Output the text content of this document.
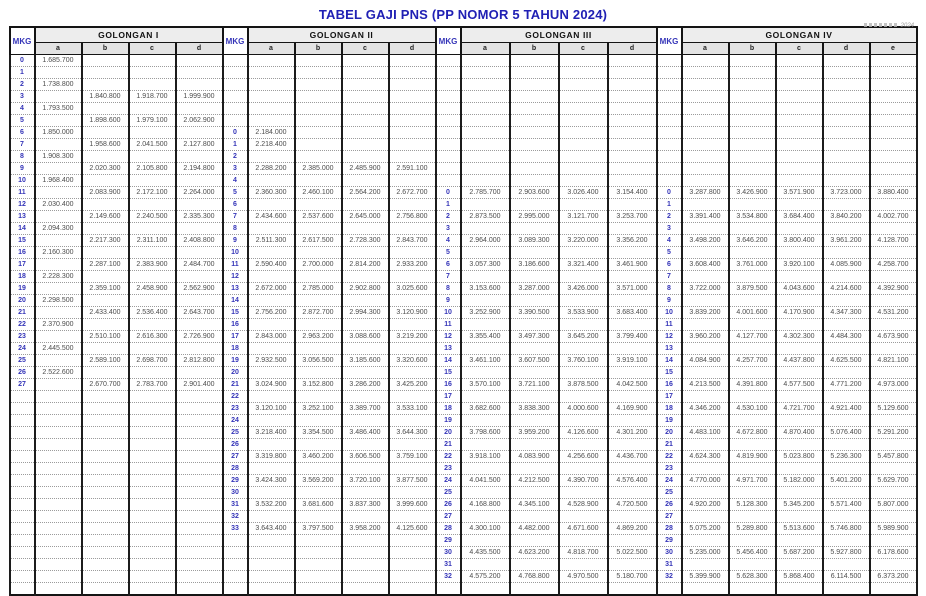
TABEL GAJI PNS (PP NOMOR 5 TAHUN 2024)
2024
MKG	GOLONGAN I				MKG	GOLONGAN II				MKG	GOLONGAN III				MKG	GOLONGAN IV				
	a	b	c	d		a	b	c	d		a	b	c	d		a	b	c	d	e
0	1.685.700																			
1																				
2	1.738.800																			
3		1.840.800	1.918.700	1.999.900																
4	1.793.500																			
5		1.898.600	1.979.100	2.062.900																
6	1.850.000				0	2.184.000														
7		1.958.600	2.041.500	2.127.800	1	2.218.400														
8	1.908.300				2															
9		2.020.300	2.105.800	2.194.800	3	2.288.200	2.385.000	2.485.900	2.591.100											
10	1.968.400				4															
11		2.083.900	2.172.100	2.264.000	5	2.360.300	2.460.100	2.564.200	2.672.700	0	2.785.700	2.903.600	3.026.400	3.154.400	0	3.287.800	3.426.900	3.571.900	3.723.000	3.880.400
12	2.030.400				6					1					1					
13		2.149.600	2.240.500	2.335.300	7	2.434.600	2.537.600	2.645.000	2.756.800	2	2.873.500	2.995.000	3.121.700	3.253.700	2	3.391.400	3.534.800	3.684.400	3.840.200	4.002.700
14	2.094.300				8					3					3					
15		2.217.300	2.311.100	2.408.800	9	2.511.300	2.617.500	2.728.300	2.843.700	4	2.964.000	3.089.300	3.220.000	3.356.200	4	3.498.200	3.646.200	3.800.400	3.961.200	4.128.700
16	2.160.300				10					5					5					
17		2.287.100	2.383.900	2.484.700	11	2.590.400	2.700.000	2.814.200	2.933.200	6	3.057.300	3.186.600	3.321.400	3.461.900	6	3.608.400	3.761.000	3.920.100	4.085.900	4.258.700
18	2.228.300				12					7					7					
19		2.359.100	2.458.900	2.562.900	13	2.672.000	2.785.000	2.902.800	3.025.600	8	3.153.600	3.287.000	3.426.000	3.571.000	8	3.722.000	3.879.500	4.043.600	4.214.600	4.392.900
20	2.298.500				14					9					9					
21		2.433.400	2.536.400	2.643.700	15	2.756.200	2.872.700	2.994.300	3.120.900	10	3.252.900	3.390.500	3.533.900	3.683.400	10	3.839.200	4.001.600	4.170.900	4.347.300	4.531.200
22	2.370.900				16					11					11					
23		2.510.100	2.616.300	2.726.900	17	2.843.000	2.963.200	3.088.600	3.219.200	12	3.355.400	3.497.300	3.645.200	3.799.400	12	3.960.200	4.127.700	4.302.300	4.484.300	4.673.900
24	2.445.500				18					13					13					
25		2.589.100	2.698.700	2.812.800	19	2.932.500	3.056.500	3.185.600	3.320.600	14	3.461.100	3.607.500	3.760.100	3.919.100	14	4.084.900	4.257.700	4.437.800	4.625.500	4.821.100
26	2.522.600				20					15					15					
27		2.670.700	2.783.700	2.901.400	21	3.024.900	3.152.800	3.286.200	3.425.200	16	3.570.100	3.721.100	3.878.500	4.042.500	16	4.213.500	4.391.800	4.577.500	4.771.200	4.973.000
					22					17					17					
					23	3.120.100	3.252.100	3.389.700	3.533.100	18	3.682.600	3.838.300	4.000.600	4.169.900	18	4.346.200	4.530.100	4.721.700	4.921.400	5.129.600
					24					19					19					
					25	3.218.400	3.354.500	3.486.400	3.644.300	20	3.798.600	3.959.200	4.126.600	4.301.200	20	4.483.100	4.672.800	4.870.400	5.076.400	5.291.200
					26					21					21					
					27	3.319.800	3.460.200	3.606.500	3.759.100	22	3.918.100	4.083.900	4.256.600	4.436.700	22	4.624.300	4.819.900	5.023.800	5.236.300	5.457.800
					28					23					23					
					29	3.424.300	3.569.200	3.720.100	3.877.500	24	4.041.500	4.212.500	4.390.700	4.576.400	24	4.770.000	4.971.700	5.182.000	5.401.200	5.629.700
					30					25					25					
					31	3.532.200	3.681.600	3.837.300	3.999.600	26	4.168.800	4.345.100	4.528.900	4.720.500	26	4.920.200	5.128.300	5.345.200	5.571.400	5.807.000
					32					27					27					
					33	3.643.400	3.797.500	3.958.200	4.125.600	28	4.300.100	4.482.000	4.671.600	4.869.200	28	5.075.200	5.289.800	5.513.600	5.746.800	5.989.900
										29					29					
										30	4.435.500	4.623.200	4.818.700	5.022.500	30	5.235.000	5.456.400	5.687.200	5.927.800	6.178.600
										31					31					
										32	4.575.200	4.768.800	4.970.500	5.180.700	32	5.399.900	5.628.300	5.868.400	6.114.500	6.373.200
